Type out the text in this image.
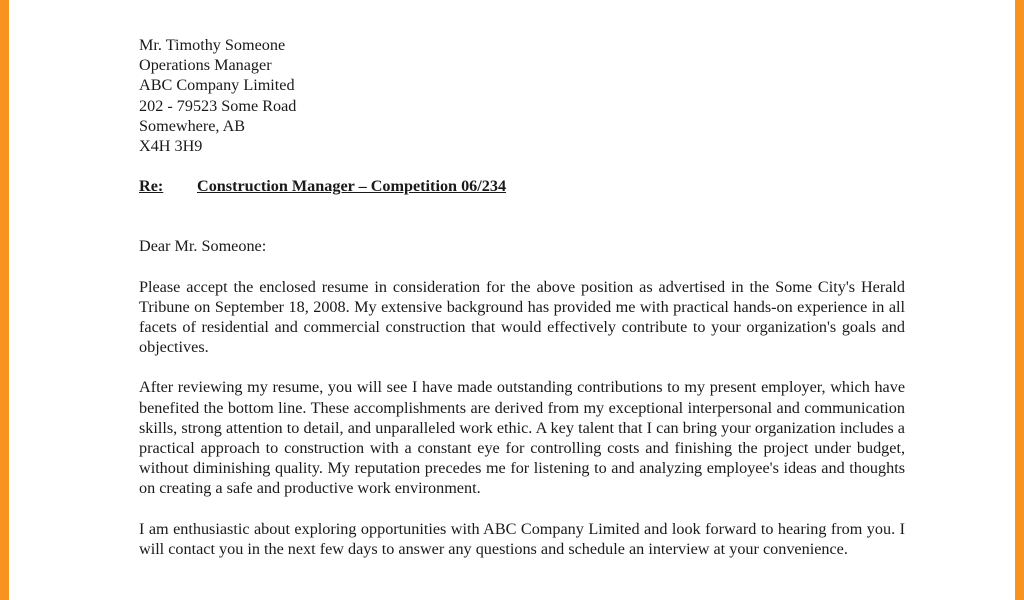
Mr. Timothy Someone
Operations Manager
ABC Company Limited
202 - 79523 Some Road
Somewhere, AB
X4H 3H9
Re: Construction Manager – Competition 06/234
Dear Mr. Someone:
Please accept the enclosed resume in consideration for the above position as advertised in the Some City's Herald Tribune on September 18, 2008. My extensive background has provided me with practical hands-on experience in all facets of residential and commercial construction that would effectively contribute to your organization's goals and objectives.
After reviewing my resume, you will see I have made outstanding contributions to my present employer, which have benefited the bottom line. These accomplishments are derived from my exceptional interpersonal and communication skills, strong attention to detail, and unparalleled work ethic. A key talent that I can bring your organization includes a practical approach to construction with a constant eye for controlling costs and finishing the project under budget, without diminishing quality. My reputation precedes me for listening to and analyzing employee's ideas and thoughts on creating a safe and productive work environment.
I am enthusiastic about exploring opportunities with ABC Company Limited and look forward to hearing from you. I will contact you in the next few days to answer any questions and schedule an interview at your convenience.
